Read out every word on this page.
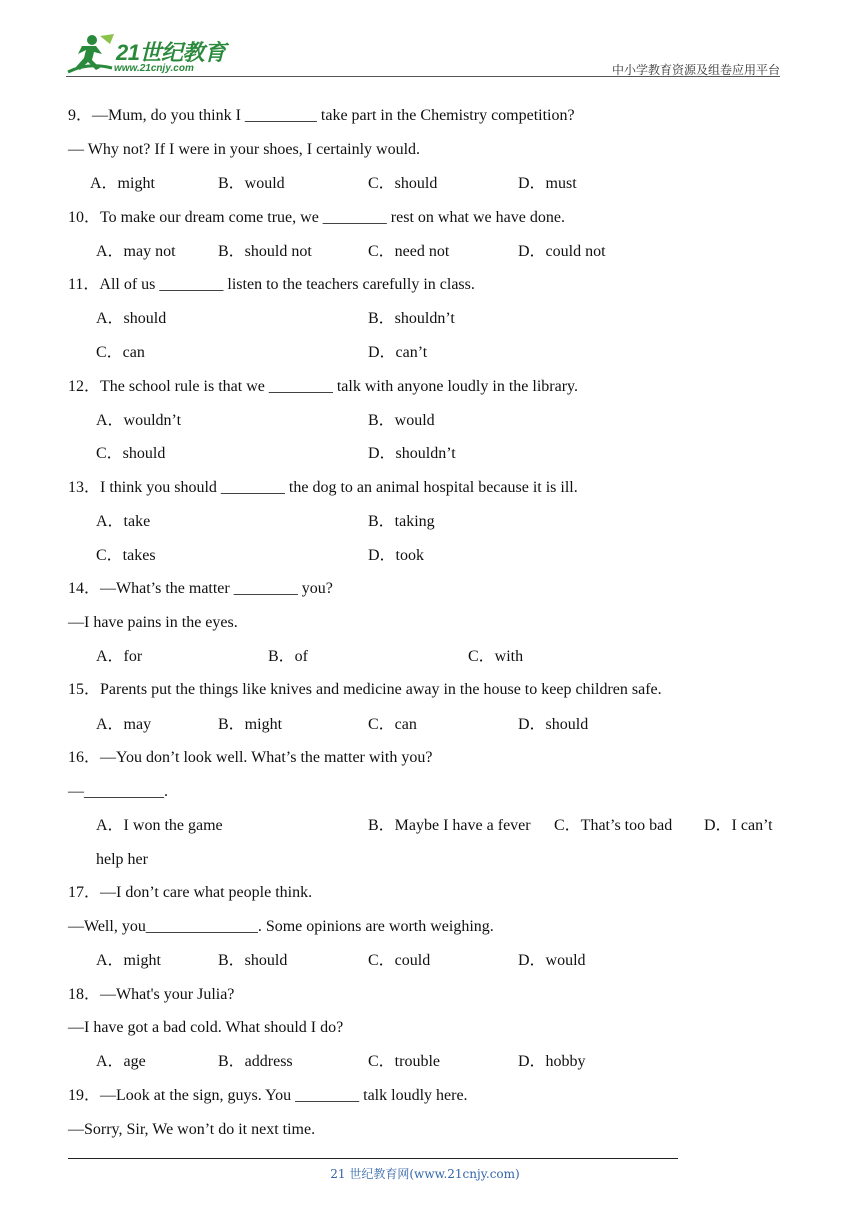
21世纪教育
www.21cnjy.com	中小学教育资源及组卷应用平台
9．—Mum, do you think I _________ take part in the Chemistry competition?
— Why not? If I were in your shoes, I certainly would.
A．might	B．would	C．should	D．must
10．To make our dream come true, we ________ rest on what we have done.
A．may not	B．should not	C．need not	D．could not
11．All of us ________ listen to the teachers carefully in class.
A．should	B．shouldn’t
C．can	D．can’t
12．The school rule is that we ________ talk with anyone loudly in the library.
A．wouldn’t	B．would
C．should	D．shouldn’t
13．I think you should ________ the dog to an animal hospital because it is ill.
A．take	B．taking
C．takes	D．took
14．—What’s the matter ________ you?
—I have pains in the eyes.
A．for	B．of	C．with
15．Parents put the things like knives and medicine away in the house to keep children safe.
A．may	B．might	C．can	D．should
16．—You don’t look well. What’s the matter with you?
—__________.
A．I won the game	B．Maybe I have a fever C．That’s too bad D．I can’t
help her
17．—I don’t care what people think.
—Well, you______________. Some opinions are worth weighing.
A．might	B．should	C．could	D．would
18．—What's your Julia?
—I have got a bad cold. What should I do?
A．age	B．address	C．trouble	D．hobby
19．—Look at the sign, guys. You ________ talk loudly here.
—Sorry, Sir, We won’t do it next time.
21 世纪教育网(www.21cnjy.com)
